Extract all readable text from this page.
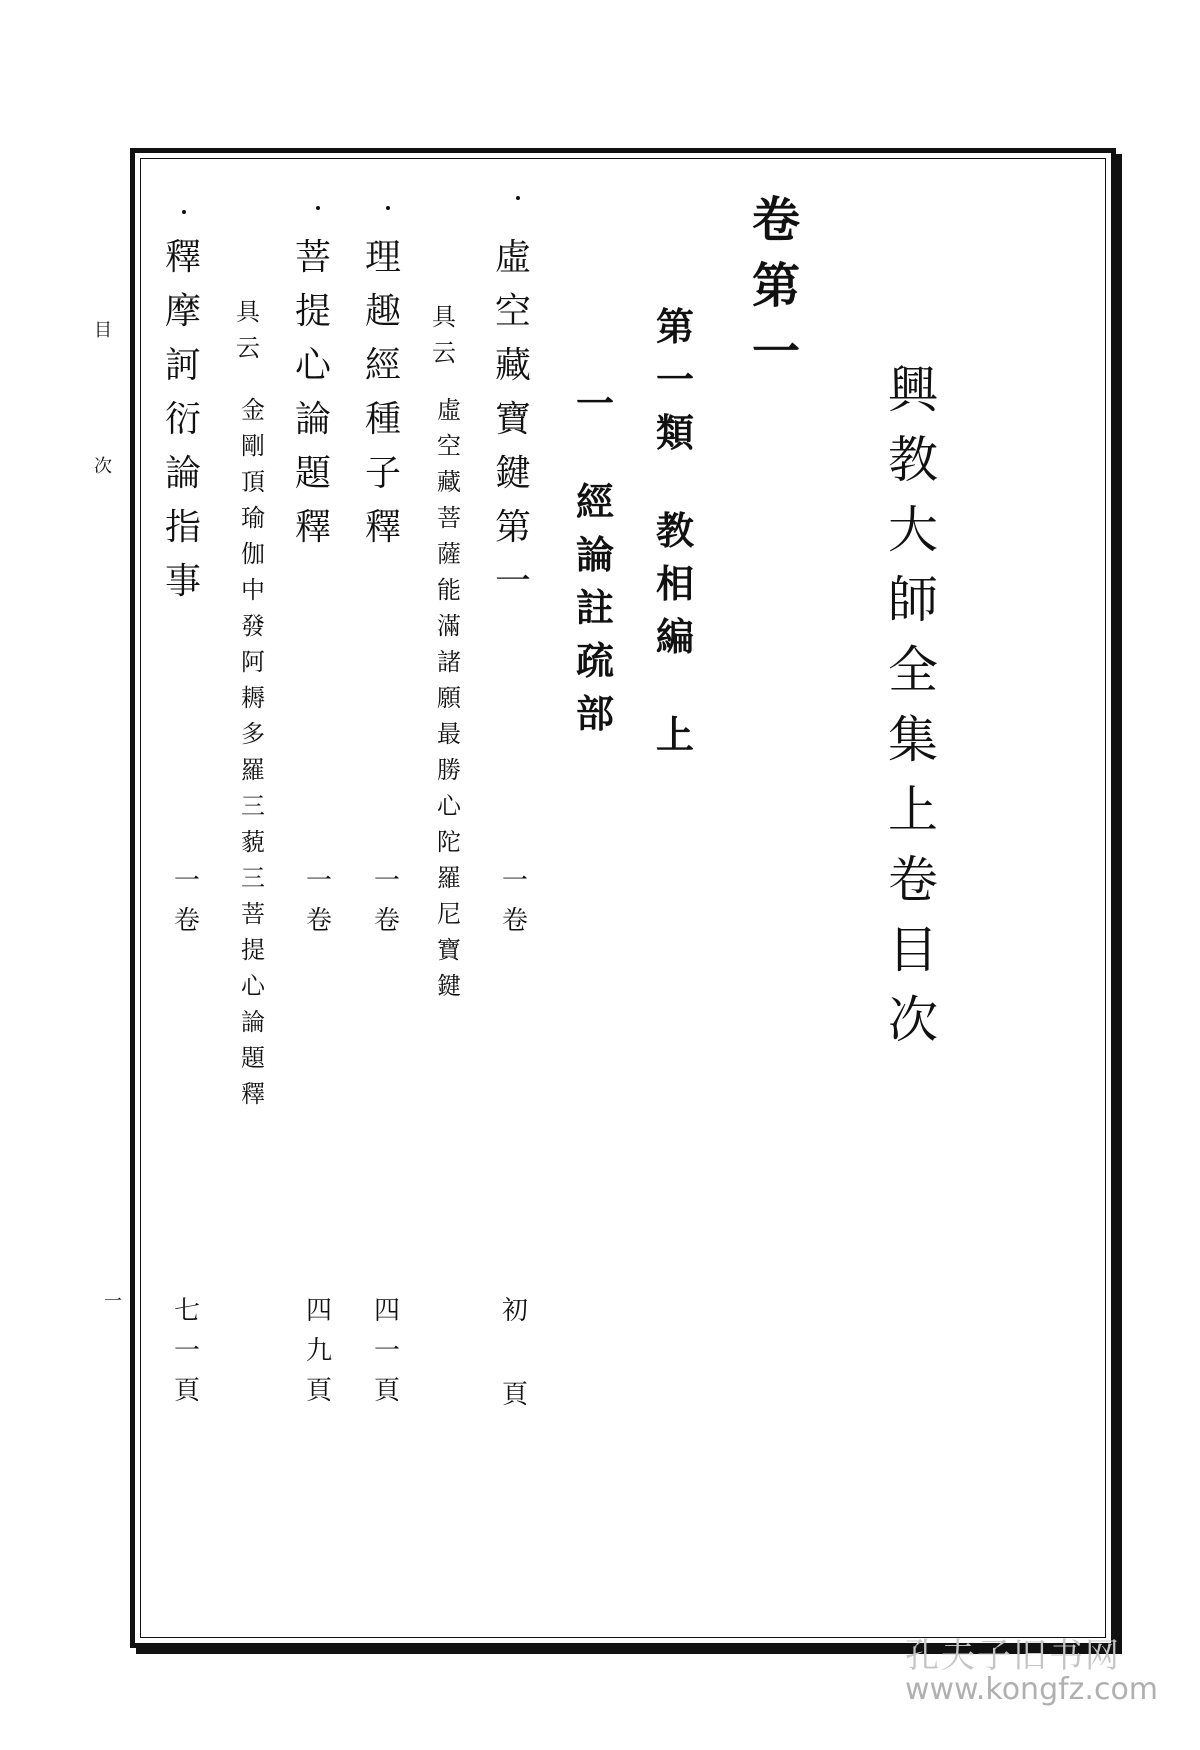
興
教
大
師
全
集
上
卷
目
次
卷
第
一
第
一
類
教
相
編
上
一
經
論
註
疏
部
虛
空
藏
寶
鍵
第
一
一
卷
初
頁
具
云
虛
空
藏
菩
薩
能
滿
諸
願
最
勝
心
陀
羅
尼
寶
鍵
理
趣
經
種
子
釋
一
卷
四
一
頁
菩
提
心
論
題
釋
一
卷
四
九
頁
具
云
金
剛
頂
瑜
伽
中
發
阿
耨
多
羅
三
藐
三
菩
提
心
論
題
釋
釋
摩
訶
衍
論
指
事
一
卷
七
一
頁
目
次
一
孔夫子旧书网
www.kongfz.com
